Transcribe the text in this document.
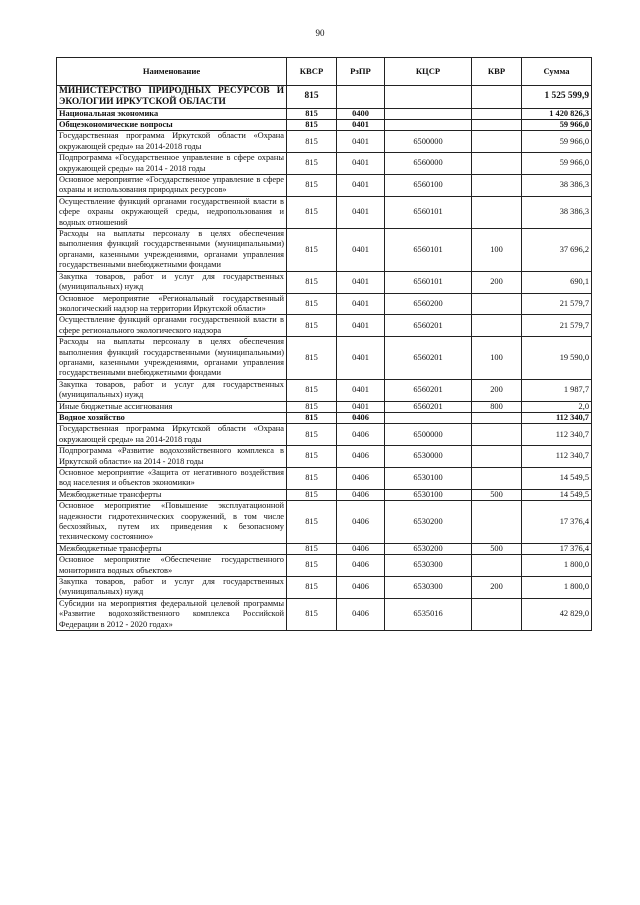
90
Наименование	КВСР	РзПР	КЦСР	КВР	Сумма
МИНИСТЕРСТВО ПРИРОДНЫХ РЕСУРСОВ И ЭКОЛОГИИ ИРКУТСКОЙ ОБЛАСТИ	815				1 525 599,9
Национальная экономика	815	0400			1 420 826,3
Общеэкономические вопросы	815	0401			59 966,0
Государственная программа Иркутской области «Охрана окружающей среды» на 2014-2018 годы	815	0401	6500000		59 966,0
Подпрограмма «Государственное управление в сфере охраны окружающей среды» на 2014 - 2018 годы	815	0401	6560000		59 966,0
Основное мероприятие «Государственное управление в сфере охраны и использования природных ресурсов»	815	0401	6560100		38 386,3
Осуществление функций органами государственной власти в сфере охраны окружающей среды, недропользования и водных отношений	815	0401	6560101		38 386,3
Расходы на выплаты персоналу в целях обеспечения выполнения функций государственными (муниципальными) органами, казенными учреждениями, органами управления государственными внебюджетными фондами	815	0401	6560101	100	37 696,2
Закупка товаров, работ и услуг для государственных (муниципальных) нужд	815	0401	6560101	200	690,1
Основное мероприятие «Региональный государственный экологический надзор на территории Иркутской области»	815	0401	6560200		21 579,7
Осуществление функций органами государственной власти в сфере регионального экологического надзора	815	0401	6560201		21 579,7
Расходы на выплаты персоналу в целях обеспечения выполнения функций государственными (муниципальными) органами, казенными учреждениями, органами управления государственными внебюджетными фондами	815	0401	6560201	100	19 590,0
Закупка товаров, работ и услуг для государственных (муниципальных) нужд	815	0401	6560201	200	1 987,7
Иные бюджетные ассигнования	815	0401	6560201	800	2,0
Водное хозяйство	815	0406			112 340,7
Государственная программа Иркутской области «Охрана окружающей среды» на 2014-2018 годы	815	0406	6500000		112 340,7
Подпрограмма «Развитие водохозяйственного комплекса в Иркутской области» на 2014 - 2018 годы	815	0406	6530000		112 340,7
Основное мероприятие «Защита от негативного воздействия вод населения и объектов экономики»	815	0406	6530100		14 549,5
Межбюджетные трансферты	815	0406	6530100	500	14 549,5
Основное мероприятие «Повышение эксплуатационной надежности гидротехнических сооружений, в том числе бесхозяйных, путем их приведения к безопасному техническому состоянию»	815	0406	6530200		17 376,4
Межбюджетные трансферты	815	0406	6530200	500	17 376,4
Основное мероприятие «Обеспечение государственного мониторинга водных объектов»	815	0406	6530300		1 800,0
Закупка товаров, работ и услуг для государственных (муниципальных) нужд	815	0406	6530300	200	1 800,0
Субсидии на мероприятия федеральной целевой программы «Развитие водохозяйственного комплекса Российской Федерации в 2012 - 2020 годах»	815	0406	6535016		42 829,0
